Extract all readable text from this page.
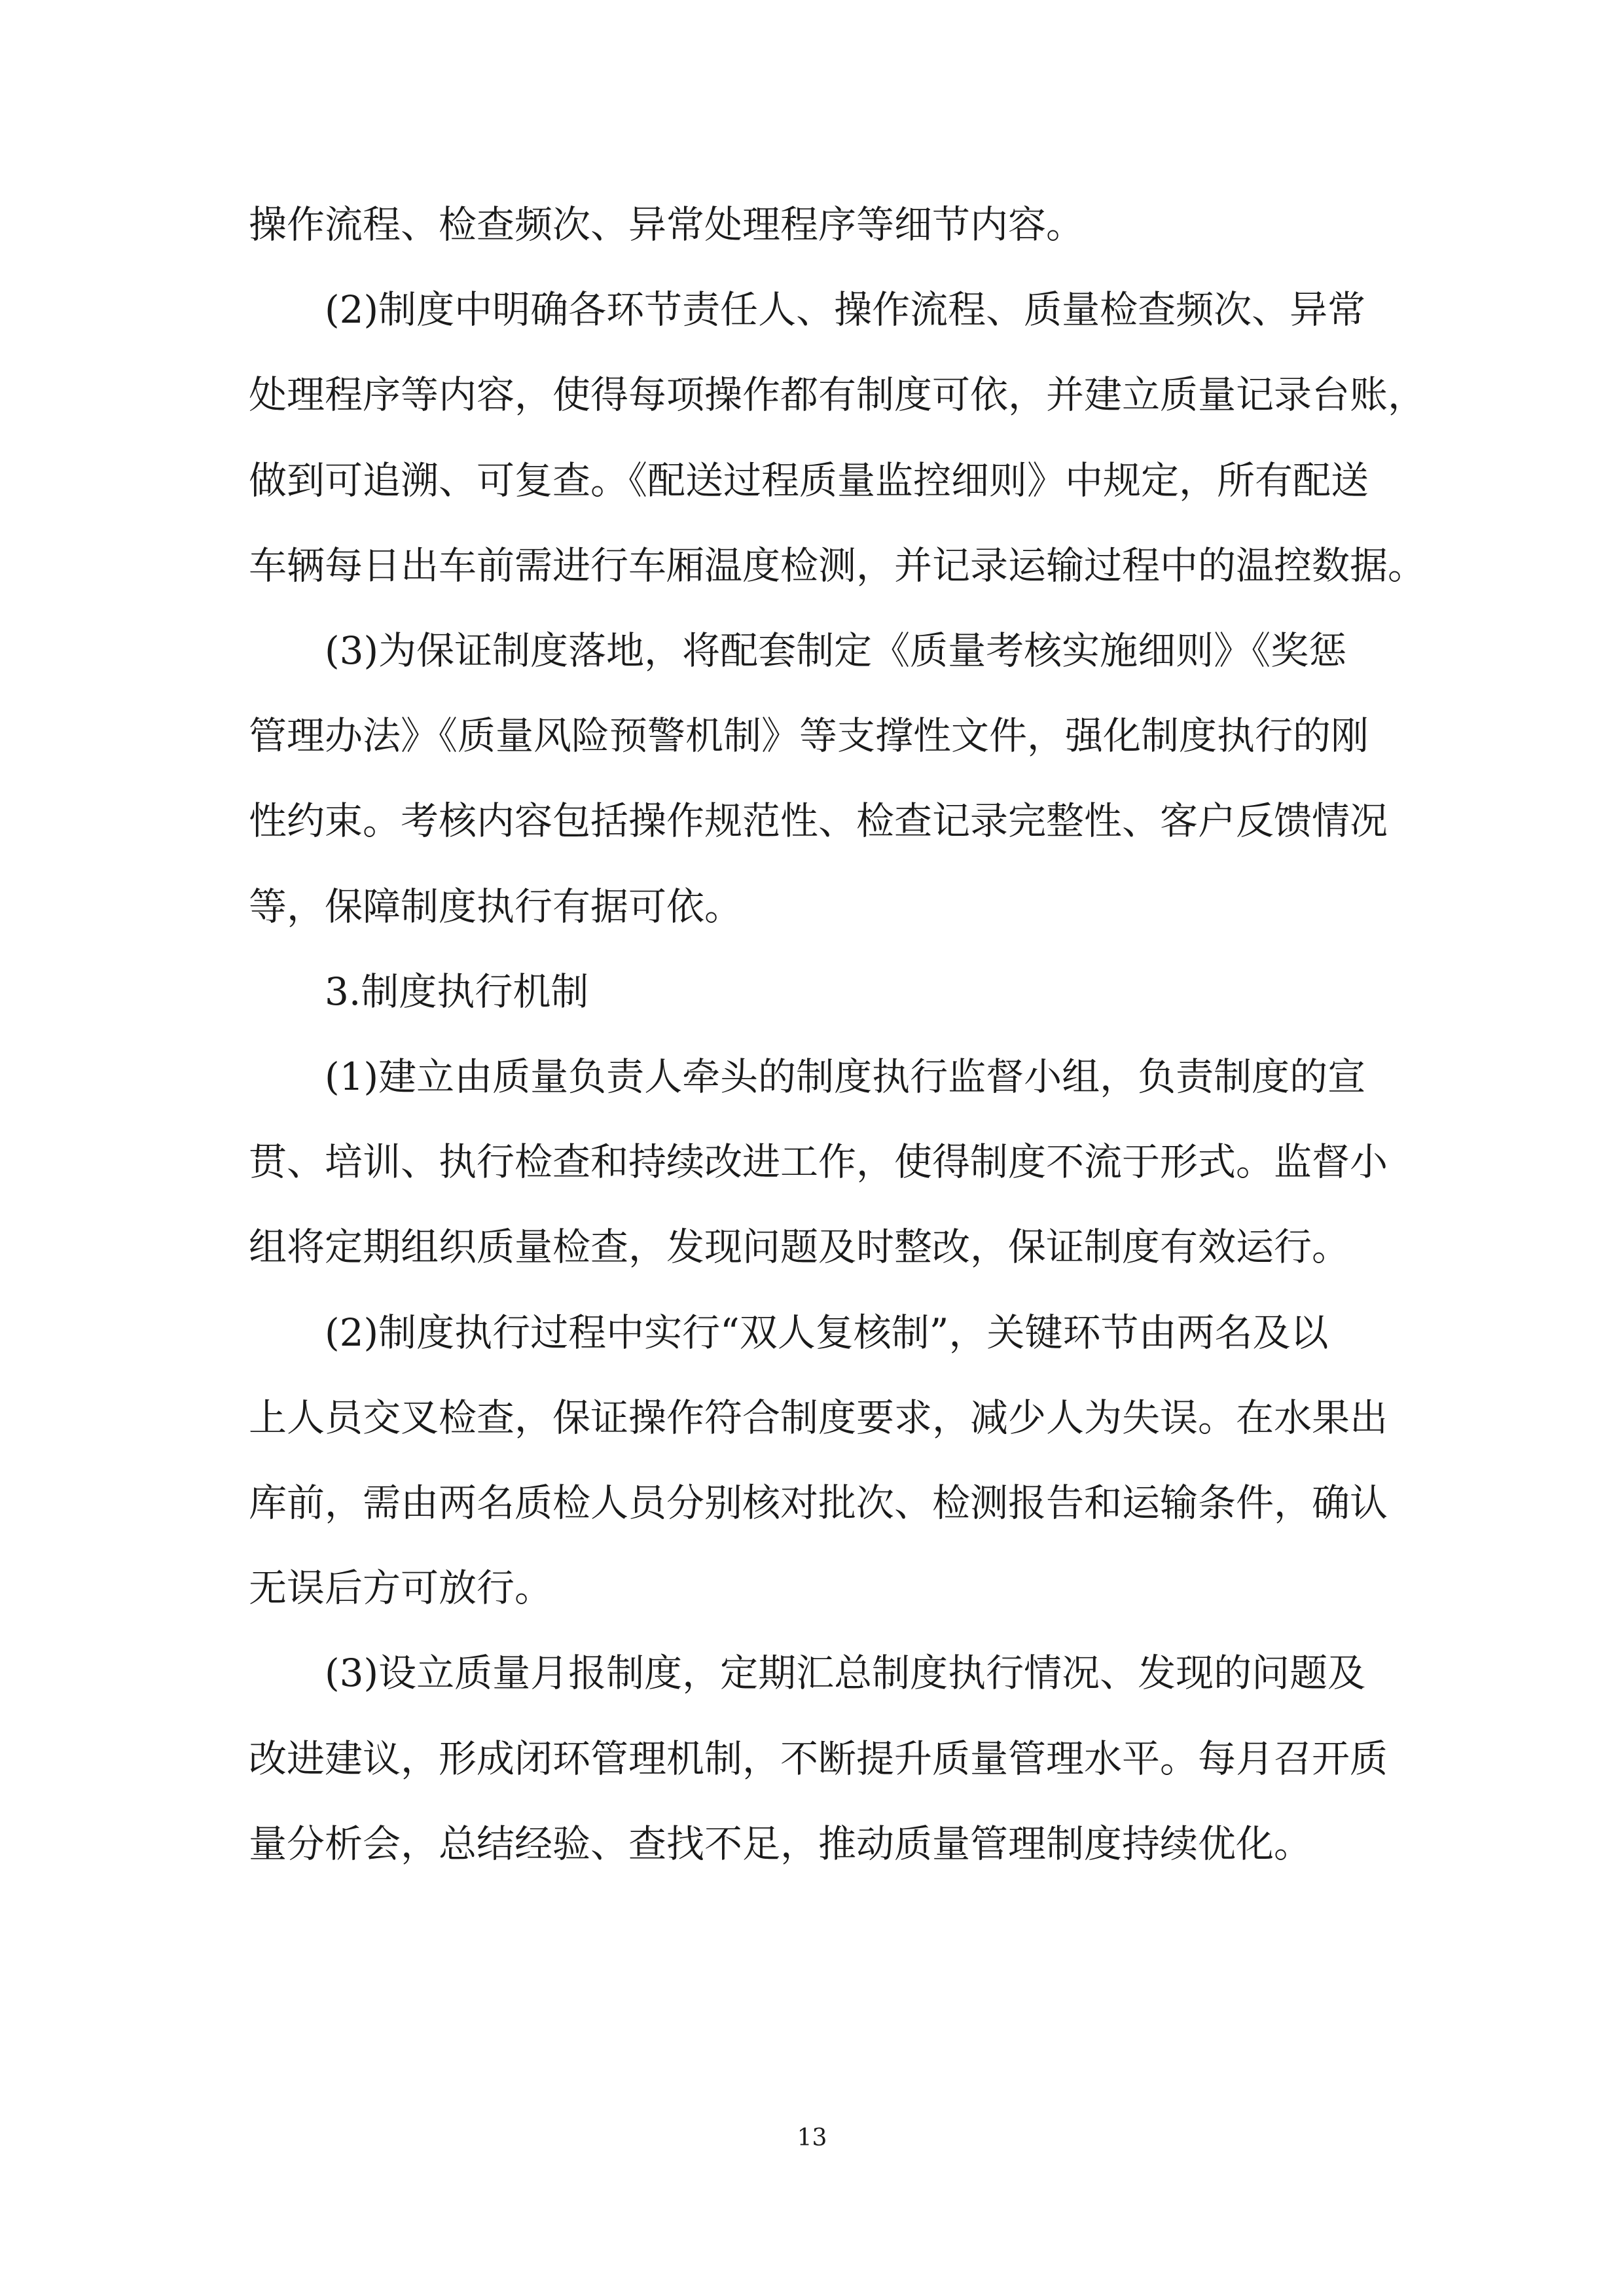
操作流程、检查频次、异常处理程序等细节内容。
(2)制度中明确各环节责任人、操作流程、质量检查频次、异常
处理程序等内容，使得每项操作都有制度可依，并建立质量记录台账，
做到可追溯、可复查。《配送过程质量监控细则》中规定，所有配送
车辆每日出车前需进行车厢温度检测，并记录运输过程中的温控数据。
(3)为保证制度落地，将配套制定《质量考核实施细则》《奖惩
管理办法》《质量风险预警机制》等支撑性文件，强化制度执行的刚
性约束。考核内容包括操作规范性、检查记录完整性、客户反馈情况
等，保障制度执行有据可依。
3.制度执行机制
(1)建立由质量负责人牵头的制度执行监督小组，负责制度的宣
贯、培训、执行检查和持续改进工作，使得制度不流于形式。监督小
组将定期组织质量检查，发现问题及时整改，保证制度有效运行。
(2)制度执行过程中实行“双人复核制”，关键环节由两名及以
上人员交叉检查，保证操作符合制度要求，减少人为失误。在水果出
库前，需由两名质检人员分别核对批次、检测报告和运输条件，确认
无误后方可放行。
(3)设立质量月报制度，定期汇总制度执行情况、发现的问题及
改进建议，形成闭环管理机制，不断提升质量管理水平。每月召开质
量分析会，总结经验、查找不足，推动质量管理制度持续优化。
13
